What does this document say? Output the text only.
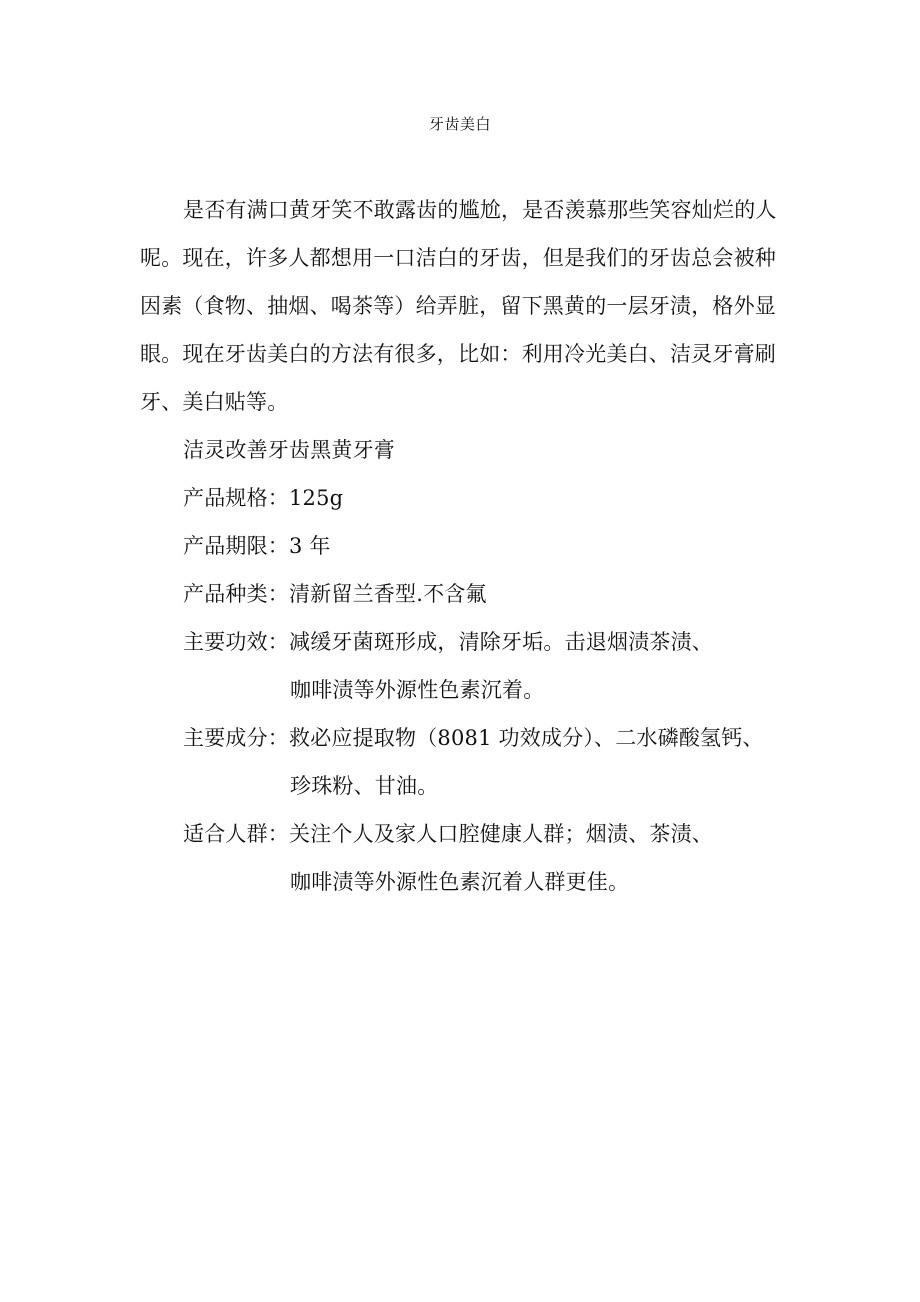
牙齿美白
是否有满口黄牙笑不敢露齿的尴尬，是否羡慕那些笑容灿烂的人
呢。现在，许多人都想用一口洁白的牙齿，但是我们的牙齿总会被种
因素（食物、抽烟、喝茶等）给弄脏，留下黑黄的一层牙渍，格外显
眼。现在牙齿美白的方法有很多，比如：利用冷光美白、洁灵牙膏刷
牙、美白贴等。
洁灵改善牙齿黑黄牙膏
产品规格：125g
产品期限：3 年
产品种类：清新留兰香型.不含氟
主要功效：减缓牙菌斑形成，清除牙垢。击退烟渍茶渍、
咖啡渍等外源性色素沉着。
主要成分：救必应提取物（8081 功效成分）、二水磷酸氢钙、
珍珠粉、甘油。
适合人群：关注个人及家人口腔健康人群；烟渍、茶渍、
咖啡渍等外源性色素沉着人群更佳。
